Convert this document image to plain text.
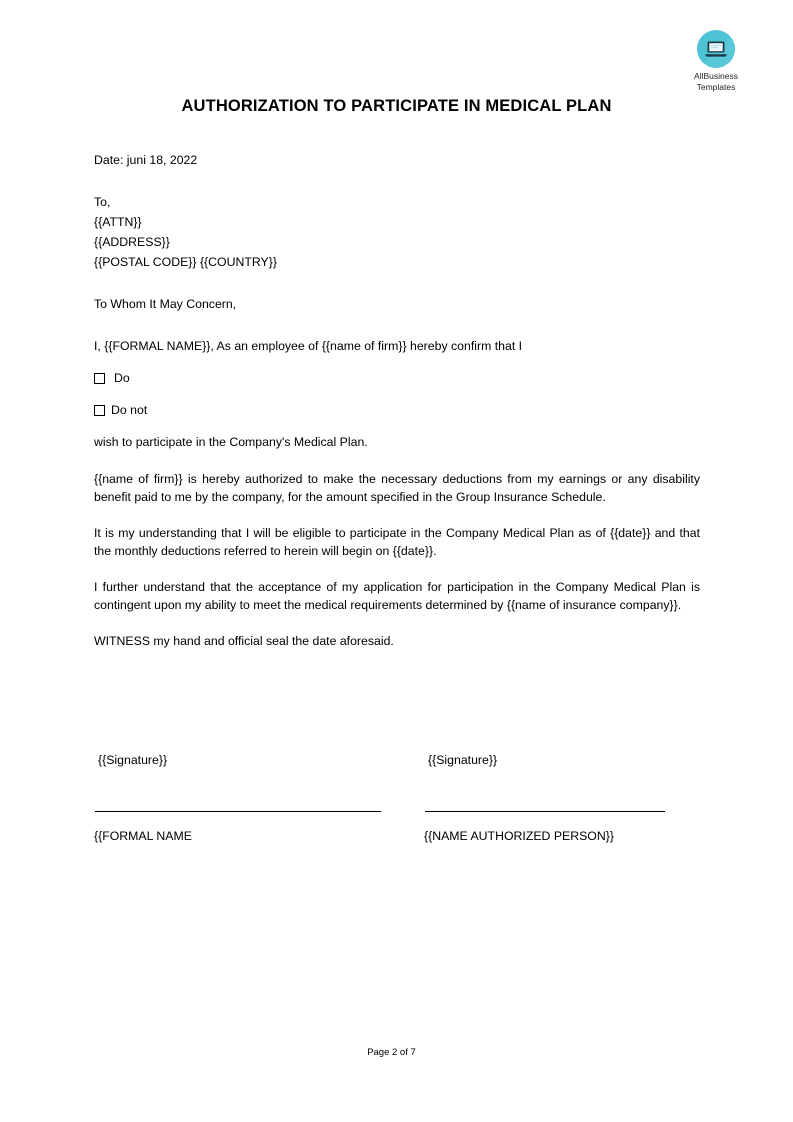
AllBusiness
Templates
AUTHORIZATION TO PARTICIPATE IN MEDICAL PLAN
Date: juni 18, 2022
To,
{{ATTN}}
{{ADDRESS}}
{{POSTAL CODE}} {{COUNTRY}}
To Whom It May Concern,
I, {{FORMAL NAME}}, As an employee of {{name of firm}} hereby confirm that I
Do
Do not
wish to participate in the Company's Medical Plan.

{{name of firm}} is hereby authorized to make the necessary deductions from my earnings or any disability benefit paid to me by the company, for the amount specified in the Group Insurance Schedule.

It is my understanding that I will be eligible to participate in the Company Medical Plan as of {{date}} and that the monthly deductions referred to herein will begin on {{date}}.

I further understand that the acceptance of my application for participation in the Company Medical Plan is contingent upon my ability to meet the medical requirements determined by {{name of insurance company}}.

WITNESS my hand and official seal the date aforesaid.

{{Signature}}	{{Signature}}
{{FORMAL NAME	{{NAME AUTHORIZED PERSON}}
Page 2 of 7
